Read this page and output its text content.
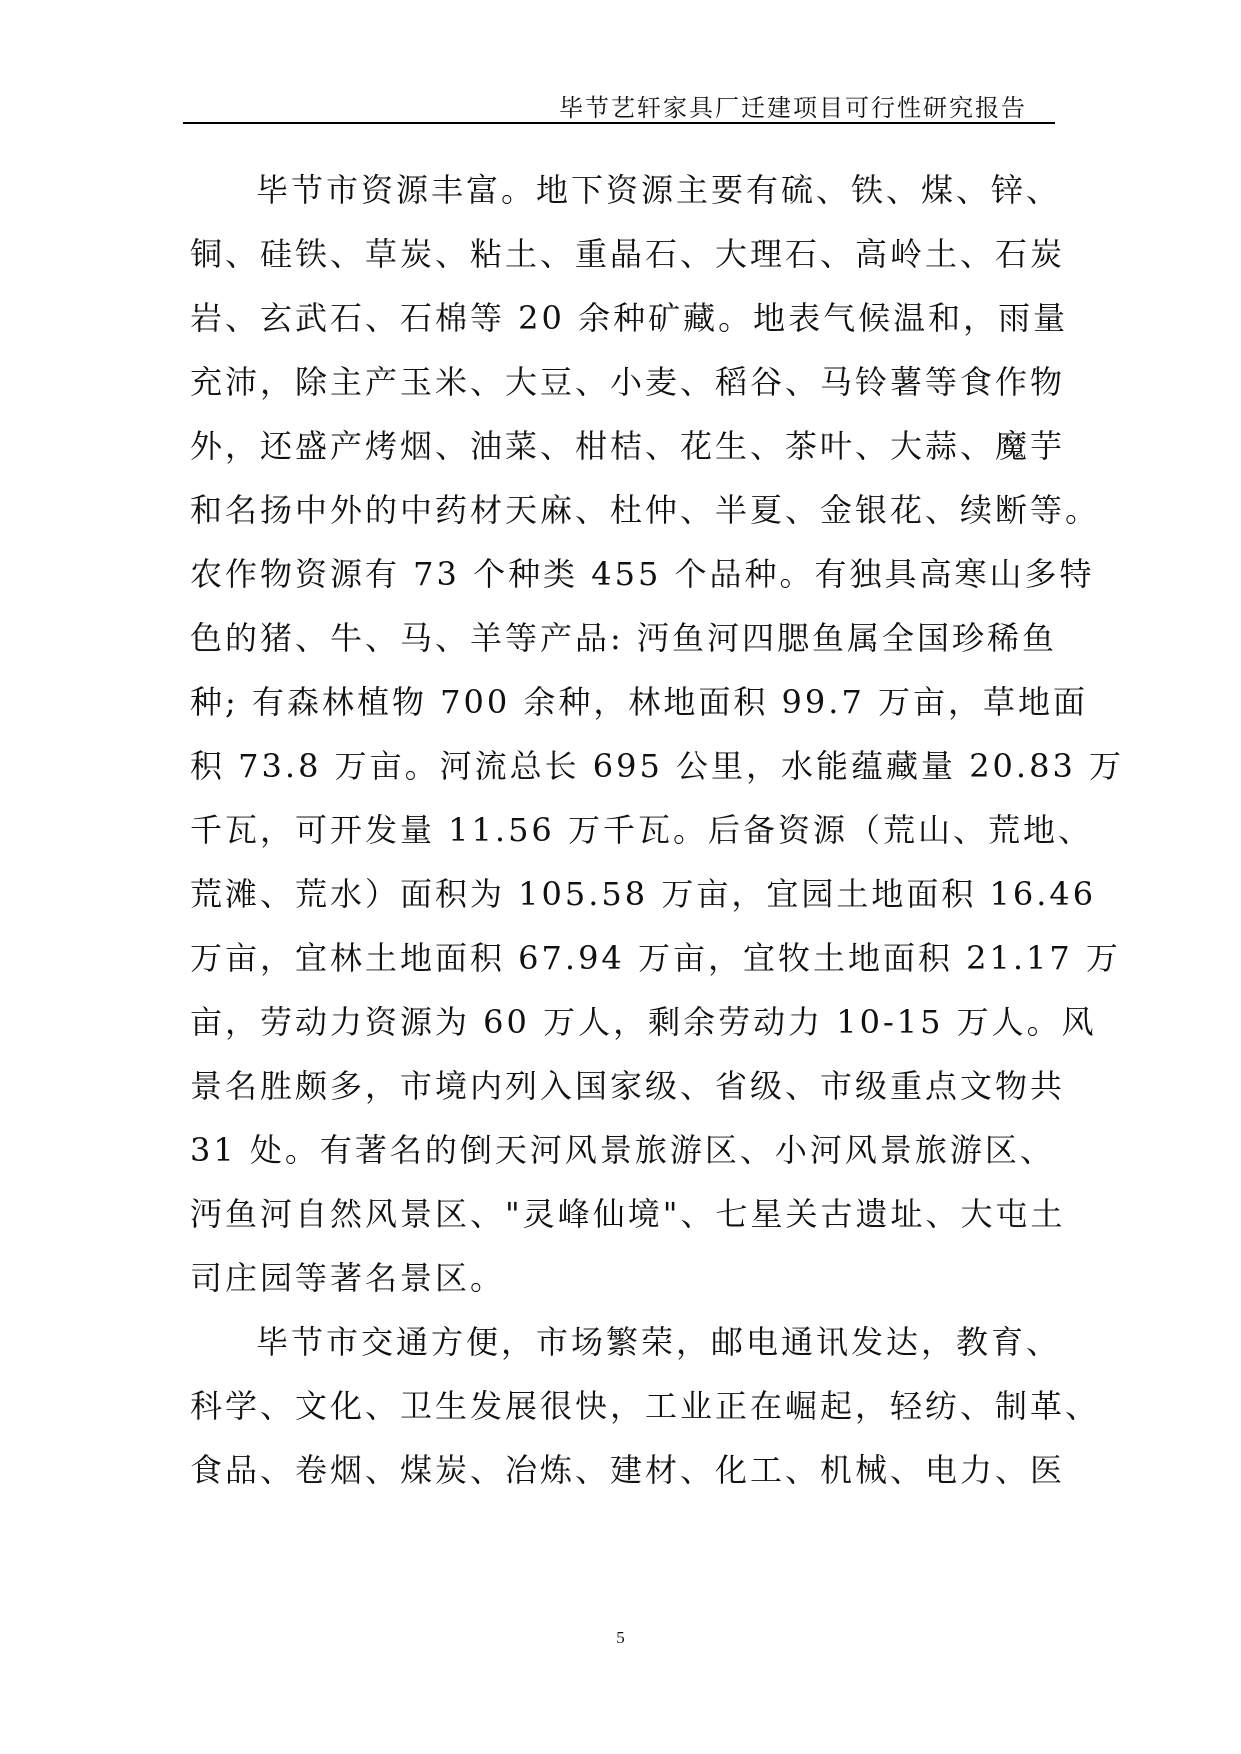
毕节艺轩家具厂迁建项目可行性研究报告
毕节市资源丰富。地下资源主要有硫、铁、煤、锌、
铜、硅铁、草炭、粘土、重晶石、大理石、高岭土、石炭
岩、玄武石、石棉等 20 余种矿藏。地表气候温和，雨量
充沛，除主产玉米、大豆、小麦、稻谷、马铃薯等食作物
外，还盛产烤烟、油菜、柑桔、花生、茶叶、大蒜、魔芋
和名扬中外的中药材天麻、杜仲、半夏、金银花、续断等。
农作物资源有 73 个种类 455 个品种。有独具高寒山多特
色的猪、牛、马、羊等产品: 沔鱼河四腮鱼属全国珍稀鱼
种; 有森林植物 700 余种，林地面积 99.7 万亩，草地面
积 73.8 万亩。河流总长 695 公里，水能蕴藏量 20.83 万
千瓦，可开发量 11.56 万千瓦。后备资源（荒山、荒地、
荒滩、荒水）面积为 105.58 万亩，宜园土地面积 16.46
万亩，宜林土地面积 67.94 万亩，宜牧土地面积 21.17 万
亩，劳动力资源为 60 万人，剩余劳动力 10-15 万人。风
景名胜颇多，市境内列入国家级、省级、市级重点文物共
31 处。有著名的倒天河风景旅游区、小河风景旅游区、
沔鱼河自然风景区、"灵峰仙境"、七星关古遗址、大屯土
司庄园等著名景区。
毕节市交通方便，市场繁荣，邮电通讯发达，教育、
科学、文化、卫生发展很快，工业正在崛起，轻纺、制革、
食品、卷烟、煤炭、冶炼、建材、化工、机械、电力、医
5
